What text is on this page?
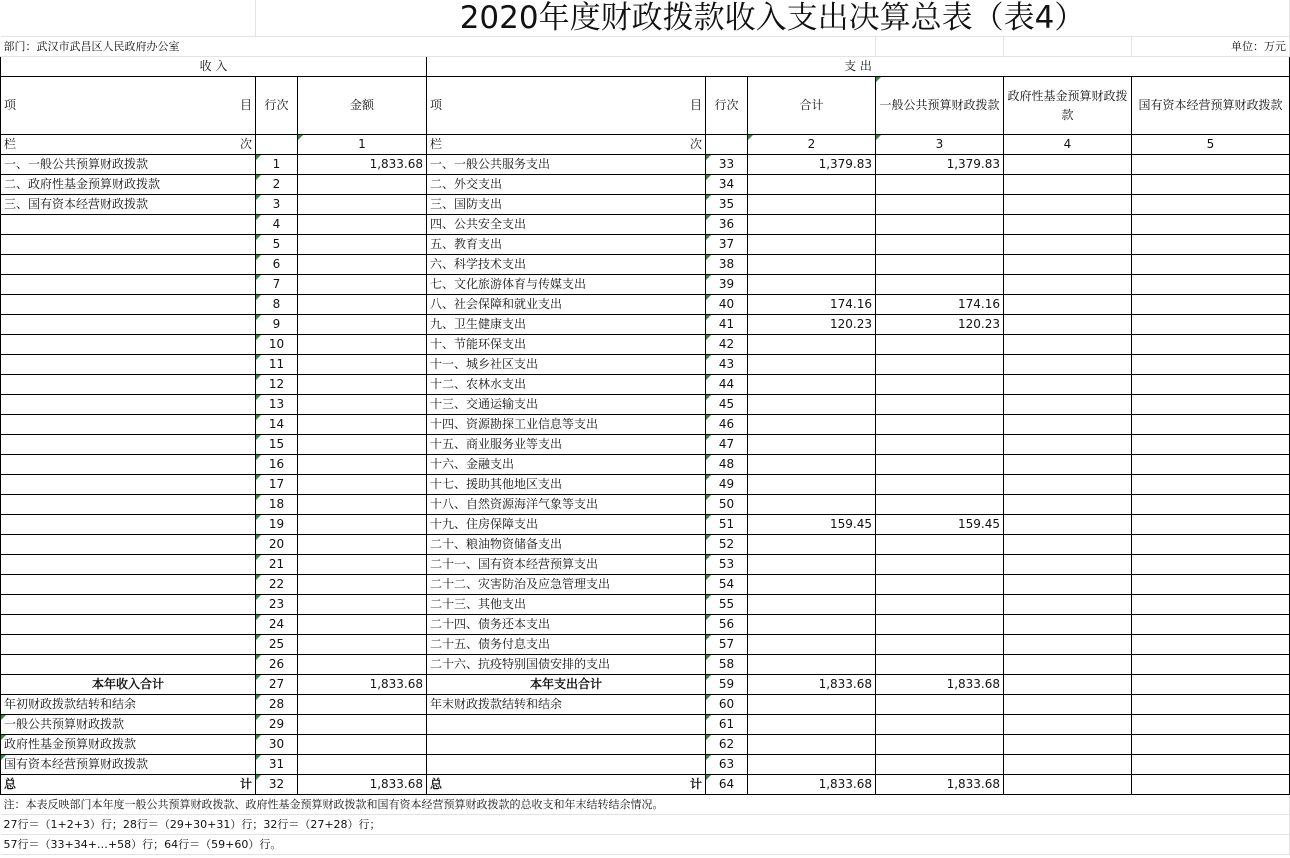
	2020年度财政拨款收入支出决算总表（表4）							
部门：武汉市武昌区人民政府办公室								单位：万元
收 入			支 出					

项 目	行次	金额	项 目	行次	合计	一般公共预算财政拨款	政府性基金预算财政拨款	国有资本经营预算财政拨款

栏 次		1	栏 次		2	3	4	5
一、一般公共预算财政拨款	1	1,833.68	一、一般公共服务支出	33	1,379.83	1,379.83		
二、政府性基金预算财政拨款	2		二、外交支出	34				
三、国有资本经营财政拨款	3		三、国防支出	35				
	4		四、公共安全支出	36				
	5		五、教育支出	37				
	6		六、科学技术支出	38				
	7		七、文化旅游体育与传媒支出	39				
	8		八、社会保障和就业支出	40	174.16	174.16		
	9		九、卫生健康支出	41	120.23	120.23		
	10		十、节能环保支出	42				
	11		十一、城乡社区支出	43				
	12		十二、农林水支出	44				
	13		十三、交通运输支出	45				
	14		十四、资源勘探工业信息等支出	46				
	15		十五、商业服务业等支出	47				
	16		十六、金融支出	48				
	17		十七、援助其他地区支出	49				
	18		十八、自然资源海洋气象等支出	50				
	19		十九、住房保障支出	51	159.45	159.45		
	20		二十、粮油物资储备支出	52				
	21		二十一、国有资本经营预算支出	53				
	22		二十二、灾害防治及应急管理支出	54				
	23		二十三、其他支出	55				
	24		二十四、债务还本支出	56				
	25		二十五、债务付息支出	57				
	26		二十六、抗疫特别国债安排的支出	58				
本年收入合计	27	1,833.68	本年支出合计	59	1,833.68	1,833.68		
年初财政拨款结转和结余	28		年末财政拨款结转和结余	60				
一般公共预算财政拨款	29			61				
政府性基金预算财政拨款	30			62				
国有资本经营预算财政拨款	31			63				

总 计	32	1,833.68	总 计	64	1,833.68	1,833.68		
注：本表反映部门本年度一般公共预算财政拨款、政府性基金预算财政拨款和国有资本经营预算财政拨款的总收支和年末结转结余情况。								
27行＝（1+2+3）行；28行＝（29+30+31）行；32行＝（27+28）行；								
57行＝（33+34+…+58）行；64行＝（59+60）行。								
